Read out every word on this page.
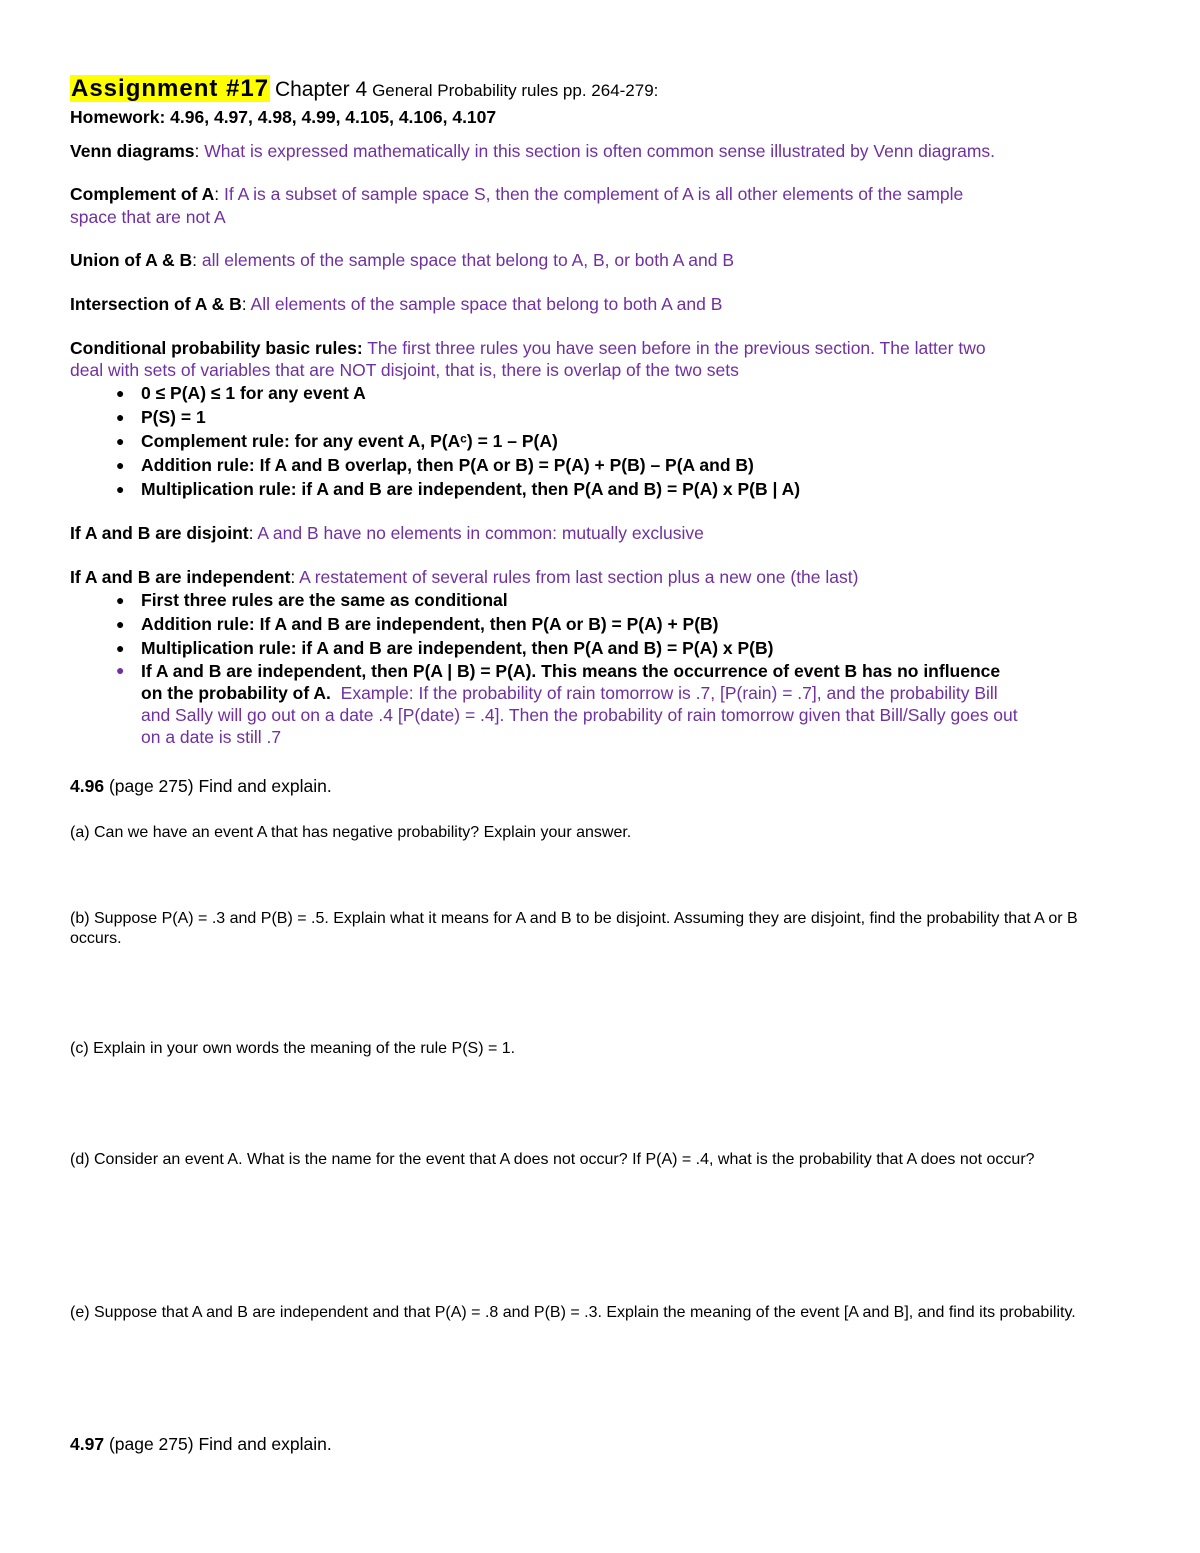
Assignment #17 Chapter 4 General Probability rules pp. 264-279:
Homework: 4.96, 4.97, 4.98, 4.99, 4.105, 4.106, 4.107
Venn diagrams: What is expressed mathematically in this section is often common sense illustrated by Venn diagrams.
Complement of A: If A is a subset of sample space S, then the complement of A is all other elements of the sample
space that are not A
Union of A & B: all elements of the sample space that belong to A, B, or both A and B
Intersection of A & B: All elements of the sample space that belong to both A and B
Conditional probability basic rules: The first three rules you have seen before in the previous section. The latter two
deal with sets of variables that are NOT disjoint, that is, there is overlap of the two sets
● 0 ≤ P(A) ≤ 1 for any event A
● P(S) = 1
● Complement rule: for any event A, P(Aᶜ) = 1 – P(A)
● Addition rule: If A and B overlap, then P(A or B) = P(A) + P(B) – P(A and B)
● Multiplication rule: if A and B are independent, then P(A and B) = P(A) x P(B | A)
If A and B are disjoint: A and B have no elements in common: mutually exclusive
If A and B are independent: A restatement of several rules from last section plus a new one (the last)
● First three rules are the same as conditional
● Addition rule: If A and B are independent, then P(A or B) = P(A) + P(B)
● Multiplication rule: if A and B are independent, then P(A and B) = P(A) x P(B)
● If A and B are independent, then P(A | B) = P(A). This means the occurrence of event B has no influence
on the probability of A. Example: If the probability of rain tomorrow is .7, [P(rain) = .7], and the probability Bill
and Sally will go out on a date .4 [P(date) = .4]. Then the probability of rain tomorrow given that Bill/Sally goes out
on a date is still .7
4.96 (page 275) Find and explain.
(a) Can we have an event A that has negative probability? Explain your answer.
(b) Suppose P(A) = .3 and P(B) = .5. Explain what it means for A and B to be disjoint. Assuming they are disjoint, find the probability that A or B occurs.
(c) Explain in your own words the meaning of the rule P(S) = 1.
(d) Consider an event A. What is the name for the event that A does not occur? If P(A) = .4, what is the probability that A does not occur?
(e) Suppose that A and B are independent and that P(A) = .8 and P(B) = .3. Explain the meaning of the event [A and B], and find its probability.
4.97 (page 275) Find and explain.
